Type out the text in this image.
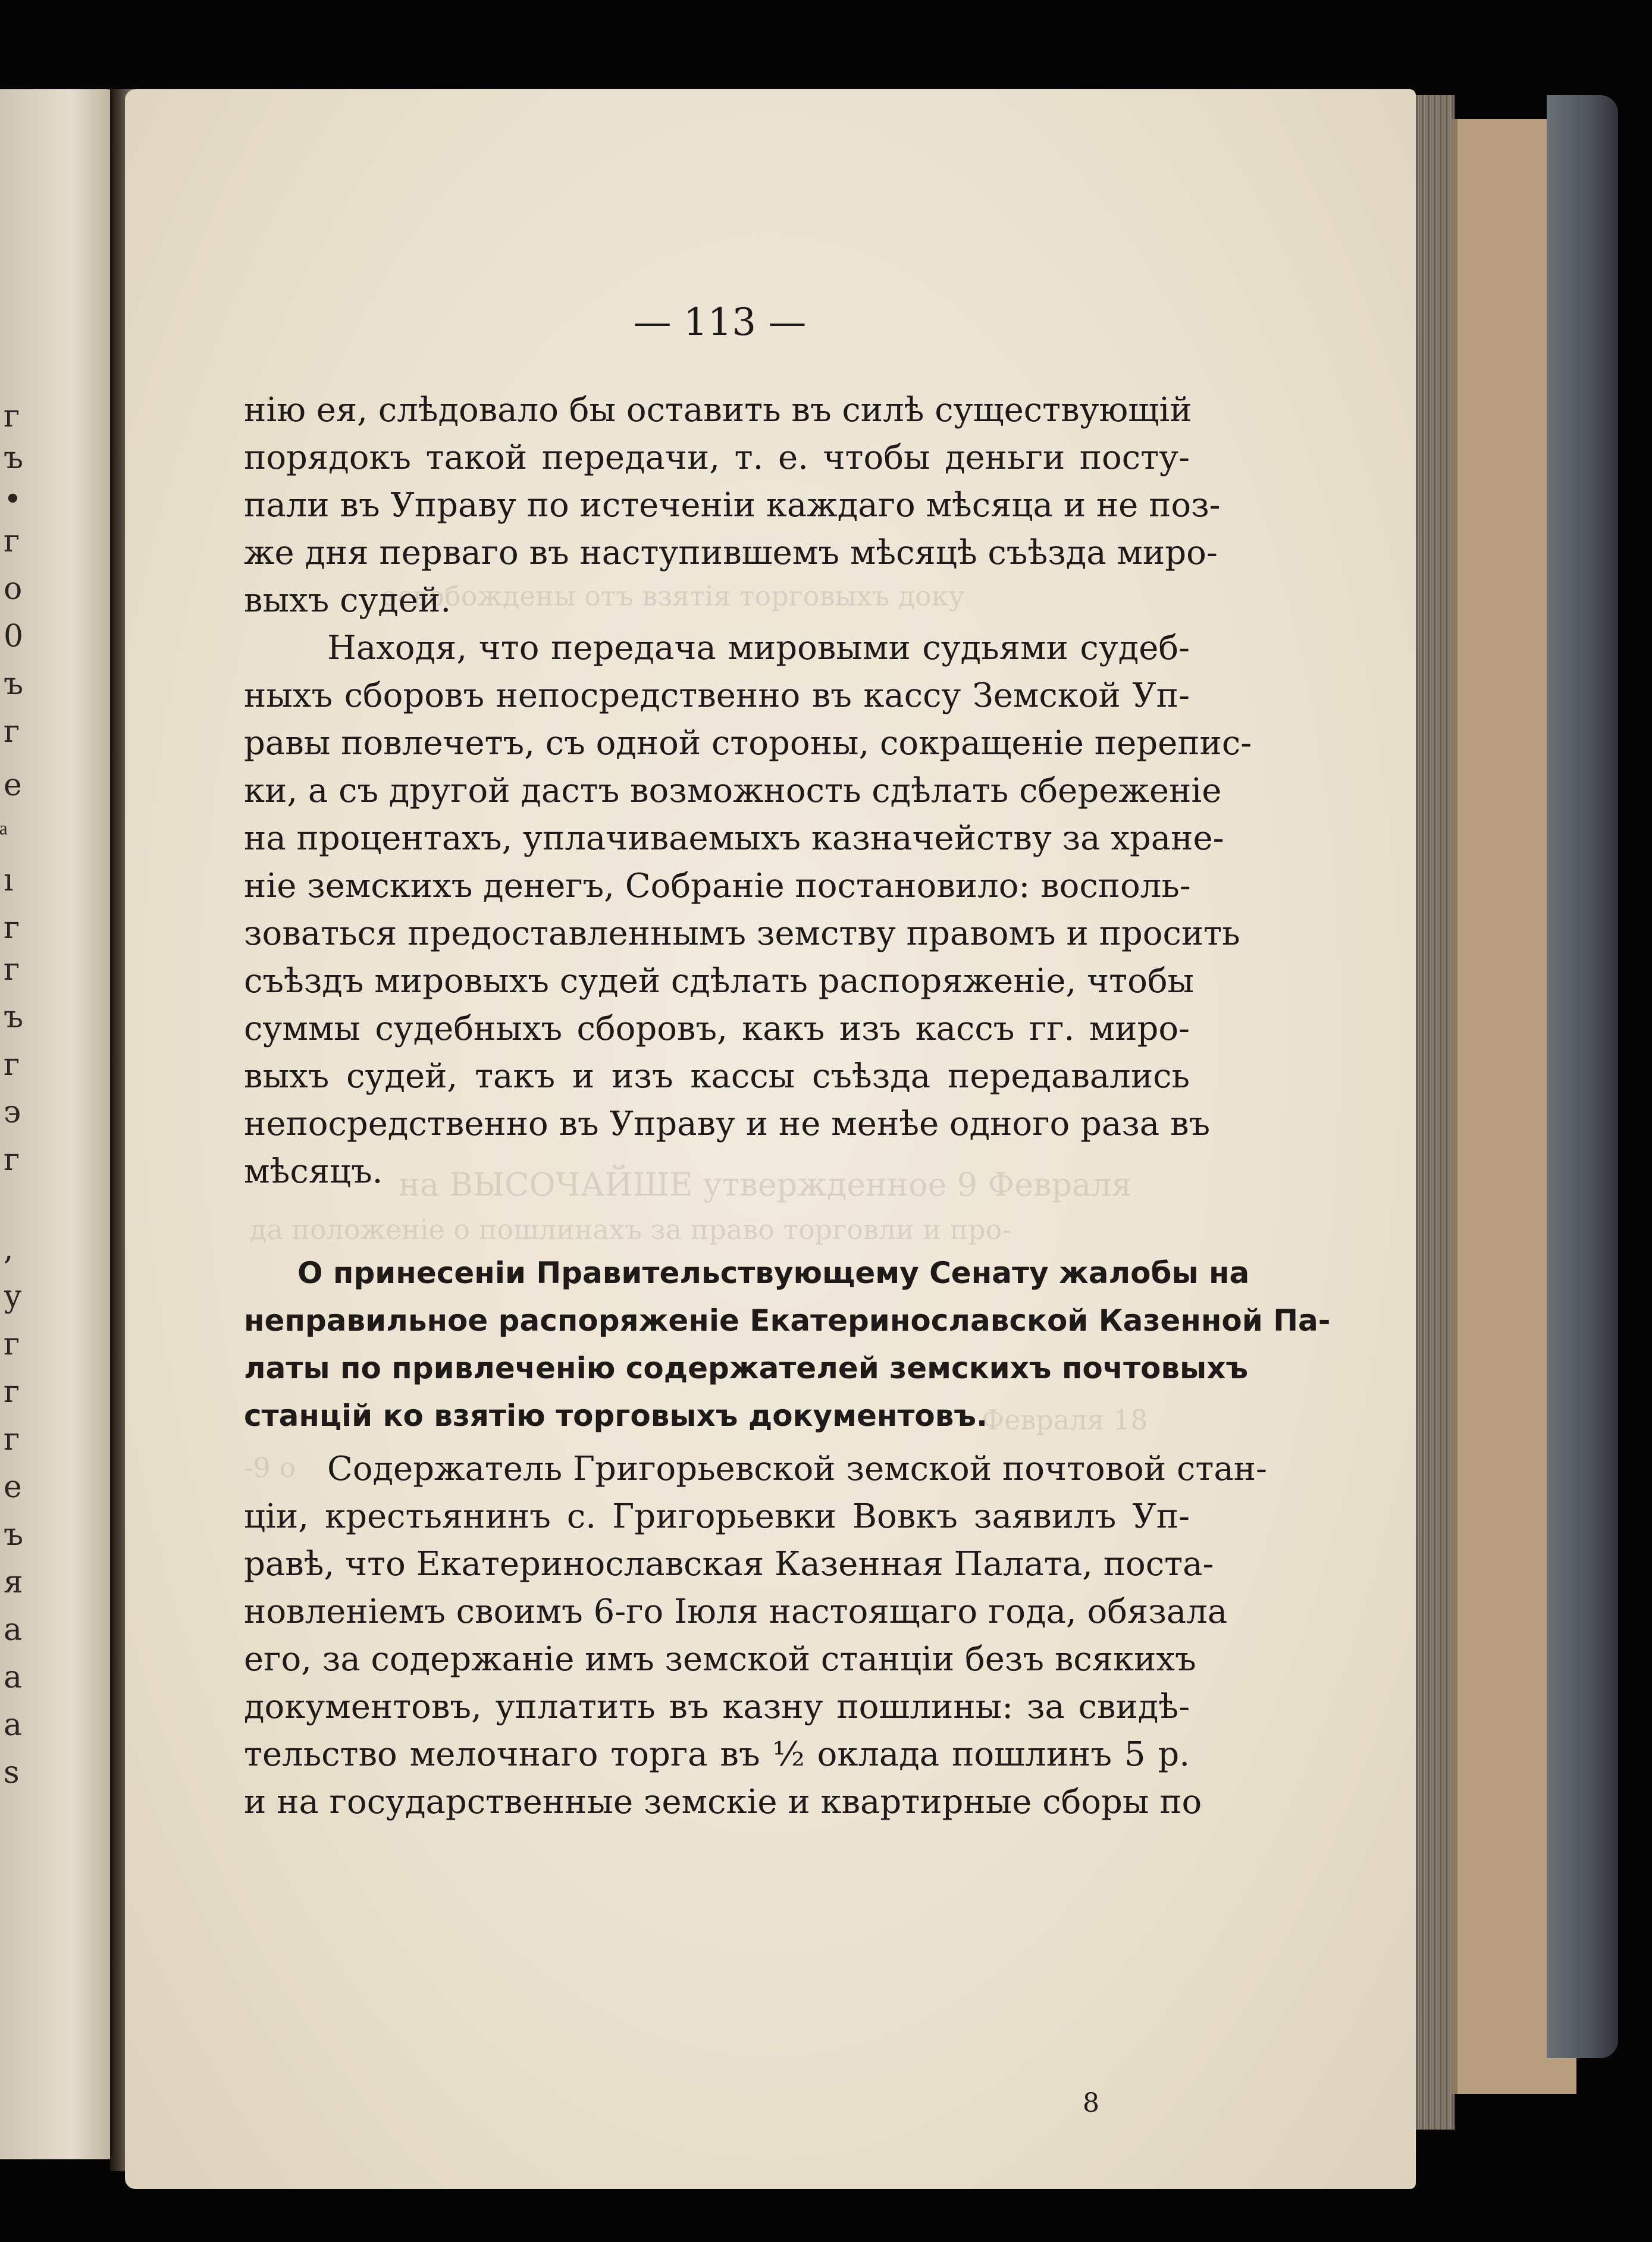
г
ъ
•
г
о
0
ъ
г
е
ı
г
г
ъ
г
э
г
,
у
г
г
г
е
ъ
я
а
а
а
s
освобождены отъ взятія торговыхъ доку
на ВЫСОЧАЙШЕ утвержденное 9 Февраля
да положеніе о пошлинахъ за право торговли и про-
Февраля 18
-9 о
— 113 —
нію ея, слѣдовало бы оставить въ силѣ существующій
порядокъ такой передачи, т. е. чтобы деньги посту-
пали въ Управу по истеченіи каждаго мѣсяца и не поз-
же дня перваго въ наступившемъ мѣсяцѣ съѣзда миро-
выхъ судей.
Находя, что передача мировыми судьями судеб-
ныхъ сборовъ непосредственно въ кассу Земской Уп-
равы повлечетъ, съ одной стороны, сокращеніе перепис-
ки, а съ другой дастъ возможность сдѣлать сбереженіе
на процентахъ, уплачиваемыхъ казначейству за хране-
ніе земскихъ денегъ, Собраніе постановило: восполь-
зоваться предоставленнымъ земству правомъ и просить
съѣздъ мировыхъ судей сдѣлать распоряженіе, чтобы
суммы судебныхъ сборовъ, какъ изъ кассъ гг. миро-
выхъ судей, такъ и изъ кассы съѣзда передавались
непосредственно въ Управу и не менѣе одного раза въ
мѣсяцъ.
О принесеніи Правительствующему Сенату жалобы на
неправильное распоряженіе Екатеринославской Казенной Па-
латы по привлеченію содержателей земскихъ почтовыхъ
станцій ко взятію торговыхъ документовъ.
Содержатель Григорьевской земской почтовой стан-
ціи, крестьянинъ с. Григорьевки Вовкъ заявилъ Уп-
равѣ, что Екатеринославская Казенная Палата, поста-
новленіемъ своимъ 6-го Іюля настоящаго года, обязала
его, за содержаніе имъ земской станціи безъ всякихъ
документовъ, уплатить въ казну пошлины: за свидѣ-
тельство мелочнаго торга въ ½ оклада пошлинъ 5 р.
и на государственные земскіе и квартирные сборы по
8
